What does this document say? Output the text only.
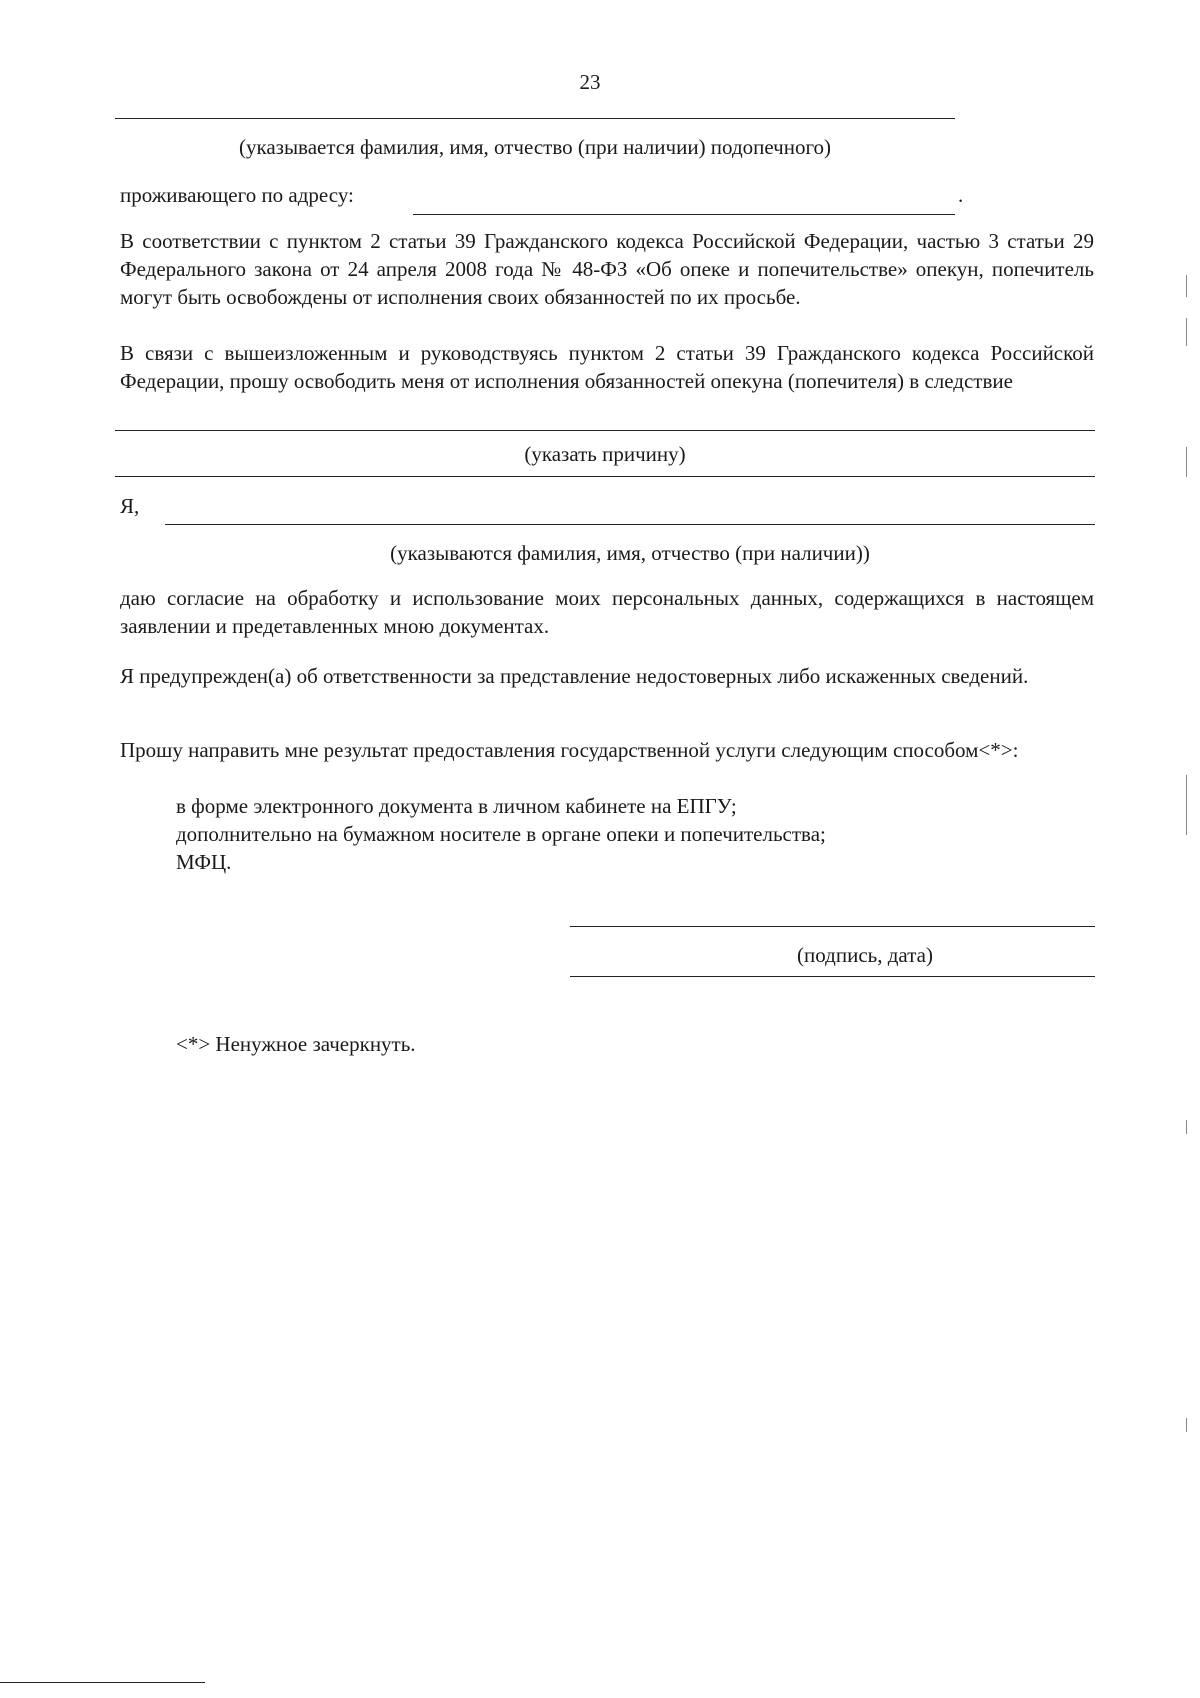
23
(указывается фамилия, имя, отчество (при наличии) подопечного)
проживающего по адресу:	.
В соответствии с пунктом 2 статьи 39 Гражданского кодекса Российской Федерации, частью 3 статьи 29 Федерального закона от 24 апреля 2008 года № 48-ФЗ «Об опеке и попечительстве» опекун, попечитель могут быть освобождены от исполнения своих обязанностей по их просьбе.
В связи с вышеизложенным и руководствуясь пунктом 2 статьи 39 Гражданского кодекса Российской Федерации, прошу освободить меня от исполнения обязанностей опекуна (попечителя) в следствие
(указать причину)
Я,
(указываются фамилия, имя, отчество (при наличии))
даю согласие на обработку и использование моих персональных данных, содержащихся в настоящем заявлении и предетавленных мною документах.
Я предупрежден(а) об ответственности за представление недостоверных либо искаженных сведений.
Прошу направить мне результат предоставления государственной услуги следующим способом<*>:
в форме электронного документа в личном кабинете на ЕПГУ;
дополнительно на бумажном носителе в органе опеки и попечительства;
МФЦ.
(подпись, дата)
<*> Ненужное зачеркнуть.
